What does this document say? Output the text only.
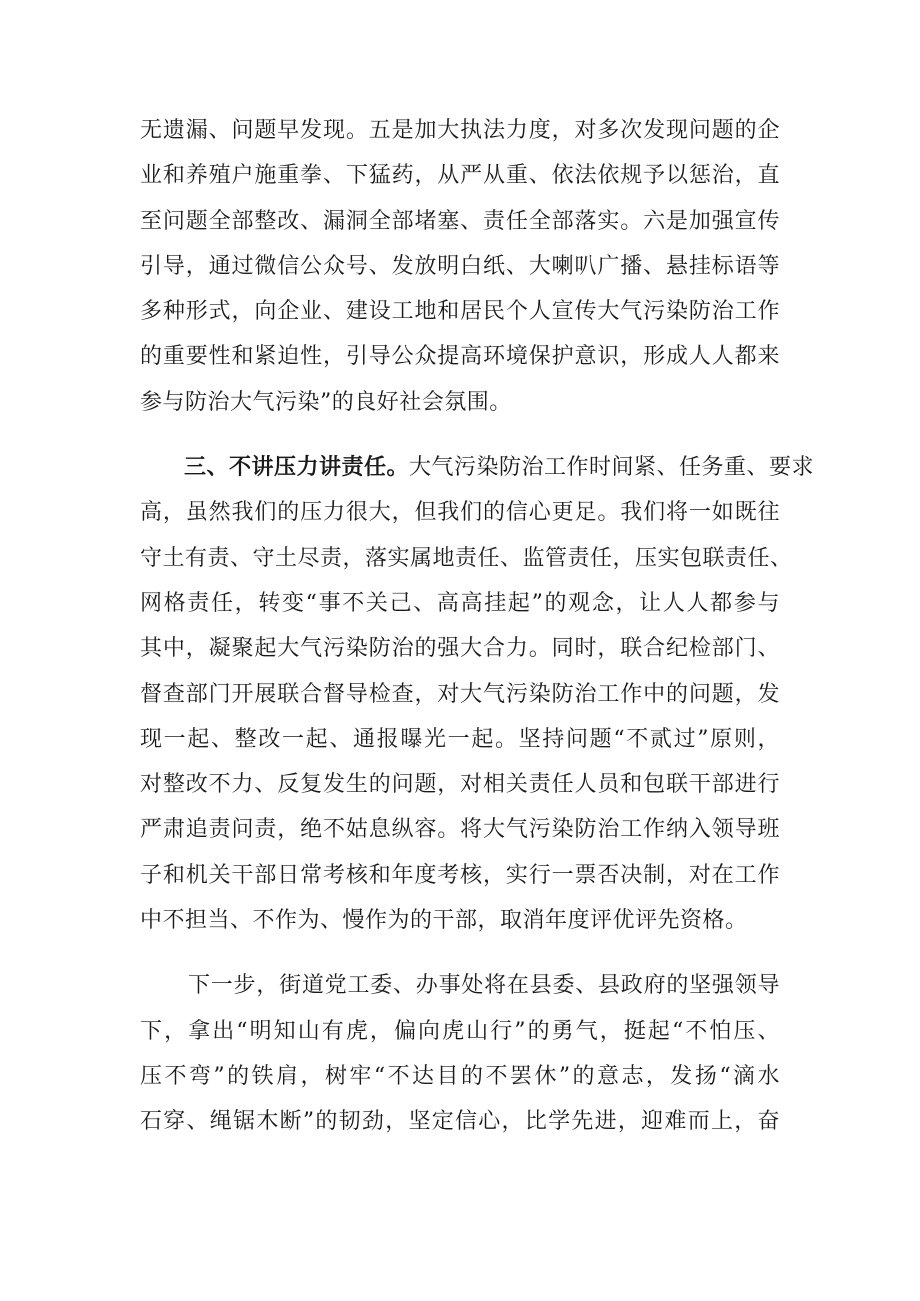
无遗漏、问题早发现。五是加大执法力度，对多次发现问题的企
业和养殖户施重拳、下猛药，从严从重、依法依规予以惩治，直
至问题全部整改、漏洞全部堵塞、责任全部落实。六是加强宣传
引导，通过微信公众号、发放明白纸、大喇叭广播、悬挂标语等
多种形式，向企业、建设工地和居民个人宣传大气污染防治工作
的重要性和紧迫性，引导公众提高环境保护意识，形成人人都来
参与防治大气污染”的良好社会氛围。
三、不讲压力讲责任。大气污染防治工作时间紧、任务重、要求
高，虽然我们的压力很大，但我们的信心更足。我们将一如既往
守土有责、守土尽责，落实属地责任、监管责任，压实包联责任、
网格责任，转变“事不关己、高高挂起”的观念，让人人都参与
其中，凝聚起大气污染防治的强大合力。同时，联合纪检部门、
督查部门开展联合督导检查，对大气污染防治工作中的问题，发
现一起、整改一起、通报曝光一起。坚持问题“不贰过”原则，
对整改不力、反复发生的问题，对相关责任人员和包联干部进行
严肃追责问责，绝不姑息纵容。将大气污染防治工作纳入领导班
子和机关干部日常考核和年度考核，实行一票否决制，对在工作
中不担当、不作为、慢作为的干部，取消年度评优评先资格。
下一步，街道党工委、办事处将在县委、县政府的坚强领导
下，拿出“明知山有虎，偏向虎山行”的勇气，挺起“不怕压、
压不弯”的铁肩，树牢“不达目的不罢休”的意志，发扬“滴水
石穿、绳锯木断”的韧劲，坚定信心，比学先进，迎难而上，奋
